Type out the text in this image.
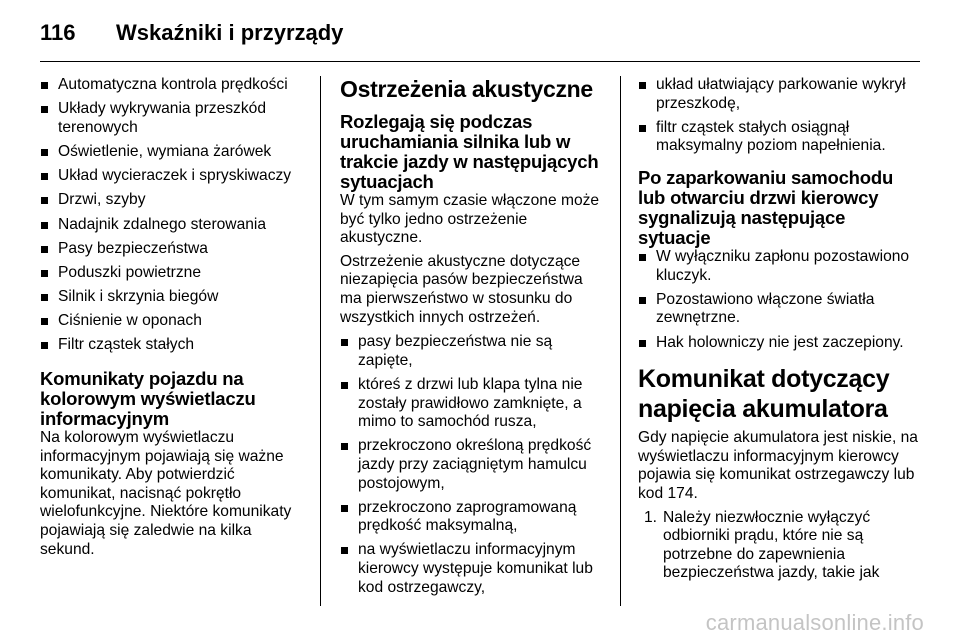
116	Wskaźniki i przyrządy
Automatyczna kontrola prędkości
Układy wykrywania przeszkód terenowych
Oświetlenie, wymiana żarówek
Układ wycieraczek i spryskiwaczy
Drzwi, szyby
Nadajnik zdalnego sterowania
Pasy bezpieczeństwa
Poduszki powietrzne
Silnik i skrzynia biegów
Ciśnienie w oponach
Filtr cząstek stałych
Komunikaty pojazdu na kolorowym wyświetlaczu informacyjnym
Na kolorowym wyświetlaczu informacyjnym pojawiają się ważne komunikaty. Aby potwierdzić komunikat, nacisnąć pokrętło wielofunkcyjne. Niektóre komunikaty pojawiają się zaledwie na kilka sekund.
Ostrzeżenia akustyczne
Rozlegają się podczas uruchamiania silnika lub w trakcie jazdy w następujących sytuacjach
W tym samym czasie włączone może być tylko jedno ostrzeżenie akustyczne.
Ostrzeżenie akustyczne dotyczące niezapięcia pasów bezpieczeństwa ma pierwszeństwo w stosunku do wszystkich innych ostrzeżeń.
pasy bezpieczeństwa nie są zapięte,
któreś z drzwi lub klapa tylna nie zostały prawidłowo zamknięte, a mimo to samochód rusza,
przekroczono określoną prędkość jazdy przy zaciągniętym hamulcu postojowym,
przekroczono zaprogramowaną prędkość maksymalną,
na wyświetlaczu informacyjnym kierowcy występuje komunikat lub kod ostrzegawczy,
układ ułatwiający parkowanie wykrył przeszkodę,
filtr cząstek stałych osiągnął maksymalny poziom napełnienia.
Po zaparkowaniu samochodu lub otwarciu drzwi kierowcy sygnalizują następujące sytuacje
W wyłączniku zapłonu pozostawiono kluczyk.
Pozostawiono włączone światła zewnętrzne.
Hak holowniczy nie jest zaczepiony.
Komunikat dotyczący napięcia akumulatora
Gdy napięcie akumulatora jest niskie, na wyświetlaczu informacyjnym kierowcy pojawia się komunikat ostrzegawczy lub kod 174.
1. Należy niezwłocznie wyłączyć odbiorniki prądu, które nie są potrzebne do zapewnienia bezpieczeństwa jazdy, takie jak
carmanualsonline.info
